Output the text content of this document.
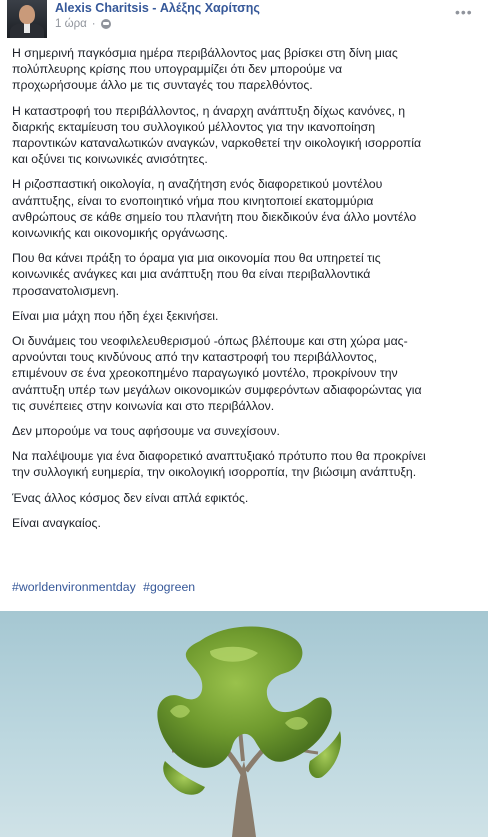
Alexis Charitsis - Αλέξης Χαρίτσης
1 ώρα ·
•••

Η σημερινή παγκόσμια ημέρα περιβάλλοντος μας βρίσκει στη δίνη μιας
πολύπλευρης κρίσης που υπογραμμίζει ότι δεν μπορούμε να
προχωρήσουμε άλλο με τις συνταγές του παρελθόντος.

Η καταστροφή του περιβάλλοντος, η άναρχη ανάπτυξη δίχως κανόνες, η
διαρκής εκταμίευση του συλλογικού μέλλοντος για την ικανοποίηση
παροντικών καταναλωτικών αναγκών, ναρκοθετεί την οικολογική ισορροπία
και οξύνει τις κοινωνικές ανισότητες.

Η ριζοσπαστική οικολογία, η αναζήτηση ενός διαφορετικού μοντέλου
ανάπτυξης, είναι το ενοποιητικό νήμα που κινητοποιεί εκατομμύρια
ανθρώπους σε κάθε σημείο του πλανήτη που διεκδικούν ένα άλλο μοντέλο
κοινωνικής και οικονομικής οργάνωσης.

Που θα κάνει πράξη το όραμα για μια οικονομία που θα υπηρετεί τις
κοινωνικές ανάγκες και μια ανάπτυξη που θα είναι περιβαλλοντικά
προσανατολισμενη.

Είναι μια μάχη που ήδη έχει ξεκινήσει.

Οι δυνάμεις του νεοφιλελευθερισμού -όπως βλέπουμε και στη χώρα μας-
αρνούνται τους κινδύνους από την καταστροφή του περιβάλλοντος,
επιμένουν σε ένα χρεοκοπημένο παραγωγικό μοντέλο, προκρίνουν την
ανάπτυξη υπέρ των μεγάλων οικονομικών συμφερόντων αδιαφορώντας για
τις συνέπειες στην κοινωνία και στο περιβάλλον.

Δεν μπορούμε να τους αφήσουμε να συνεχίσουν.

Να παλέψουμε για ένα διαφορετικό αναπτυξιακό πρότυπο που θα προκρίνει
την συλλογική ευημερία, την οικολογική ισορροπία, την βιώσιμη ανάπτυξη.

Ένας άλλος κόσμος δεν είναι απλά εφικτός.

Είναι αναγκαίος.

#worldenvironmentday #gogreen
